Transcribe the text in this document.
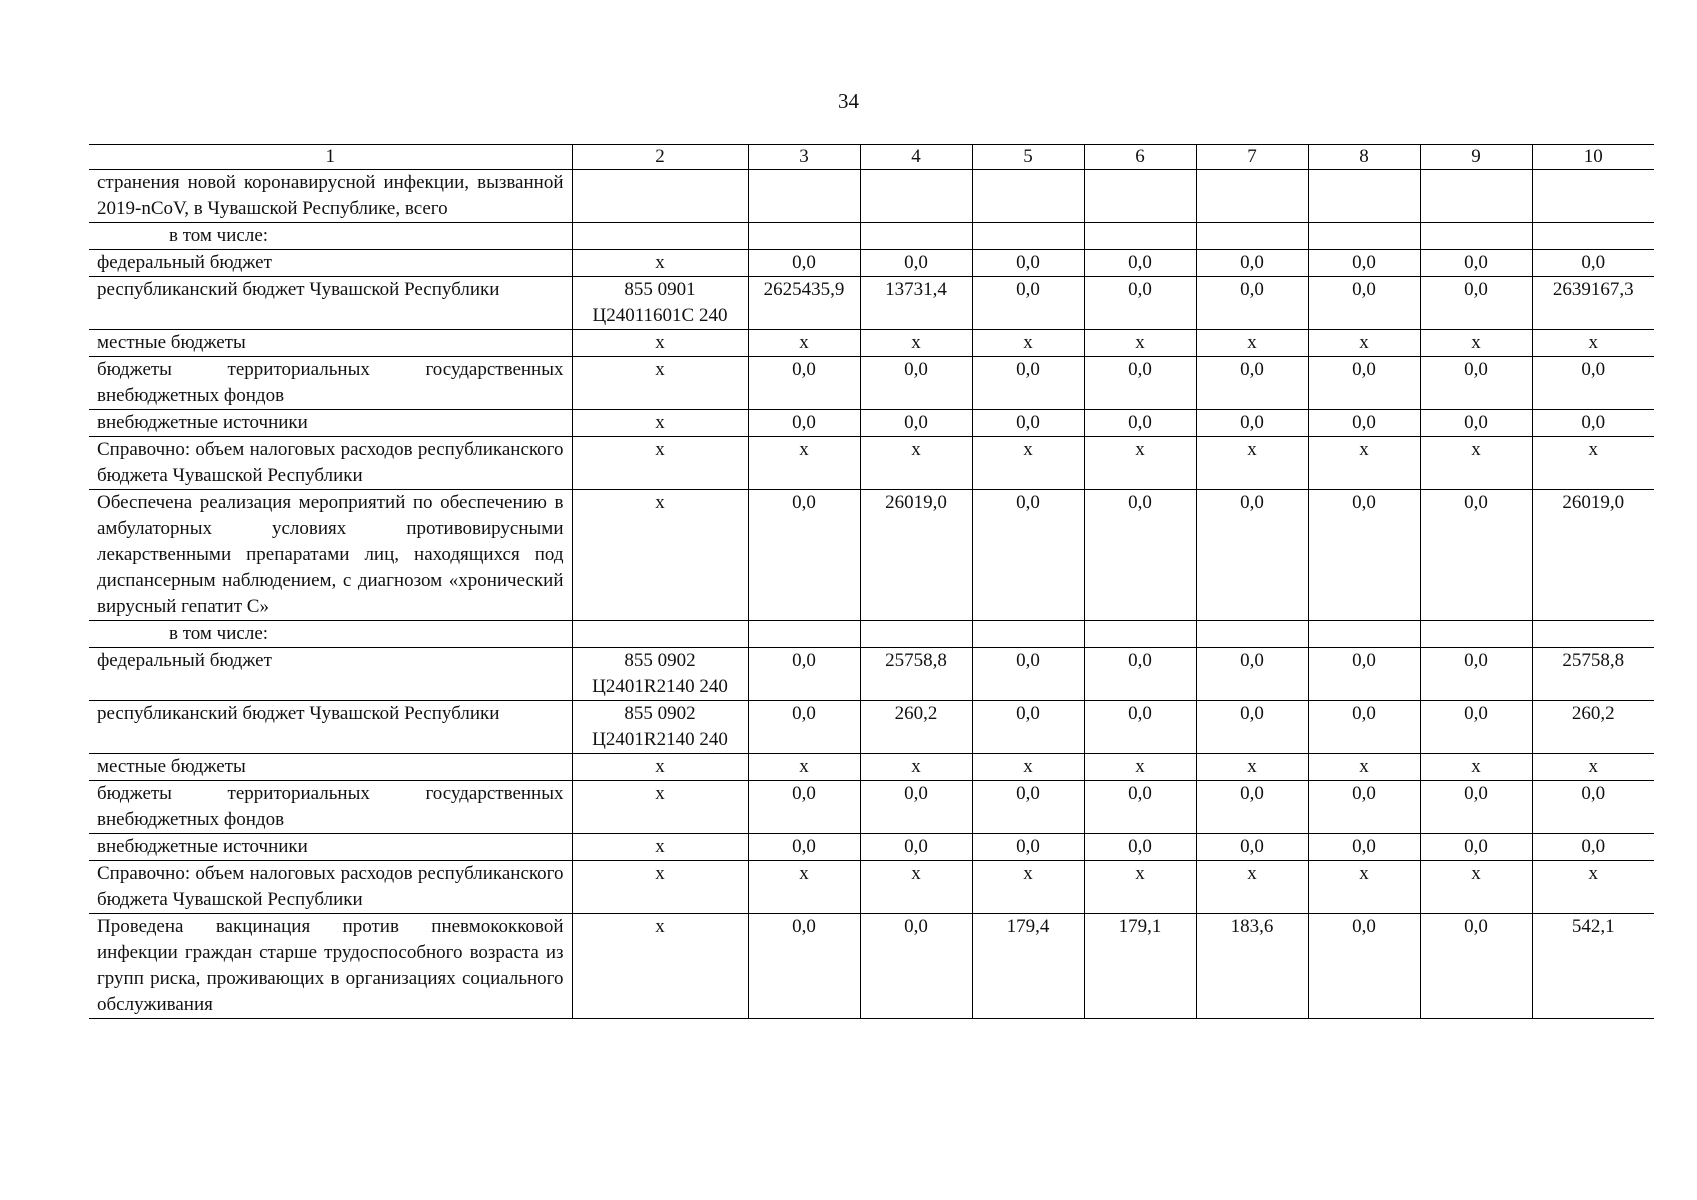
34
1	2	3	4	5	6	7	8	9	10
странения новой коронавирусной инфекции, вызванной 2019-nCoV, в Чувашской Республике, всего									
в том числе:									
федеральный бюджет	х	0,0	0,0	0,0	0,0	0,0	0,0	0,0	0,0
республиканский бюджет Чувашской Республики	855 0901 Ц24011601С 240	2625435,9	13731,4	0,0	0,0	0,0	0,0	0,0	2639167,3
местные бюджеты	х	х	х	х	х	х	х	х	х
бюджеты территориальных государственных внебюджетных фондов	х	0,0	0,0	0,0	0,0	0,0	0,0	0,0	0,0
внебюджетные источники	х	0,0	0,0	0,0	0,0	0,0	0,0	0,0	0,0
Справочно: объем налоговых расходов республиканского бюджета Чувашской Республики	х	х	х	х	х	х	х	х	х
Обеспечена реализация мероприятий по обеспечению в амбулаторных условиях противовирусными лекарственными препаратами лиц, находящихся под диспансерным наблюдением, с диагнозом «хронический вирусный гепатит С»	х	0,0	26019,0	0,0	0,0	0,0	0,0	0,0	26019,0
в том числе:									
федеральный бюджет	855 0902 Ц2401R2140 240	0,0	25758,8	0,0	0,0	0,0	0,0	0,0	25758,8
республиканский бюджет Чувашской Республики	855 0902 Ц2401R2140 240	0,0	260,2	0,0	0,0	0,0	0,0	0,0	260,2
местные бюджеты	х	х	х	х	х	х	х	х	х
бюджеты территориальных государственных внебюджетных фондов	х	0,0	0,0	0,0	0,0	0,0	0,0	0,0	0,0
внебюджетные источники	х	0,0	0,0	0,0	0,0	0,0	0,0	0,0	0,0
Справочно: объем налоговых расходов республиканского бюджета Чувашской Республики	х	х	х	х	х	х	х	х	х
Проведена вакцинация против пневмококковой инфекции граждан старше трудоспособного возраста из групп риска, проживающих в организациях социального обслуживания	х	0,0	0,0	179,4	179,1	183,6	0,0	0,0	542,1
